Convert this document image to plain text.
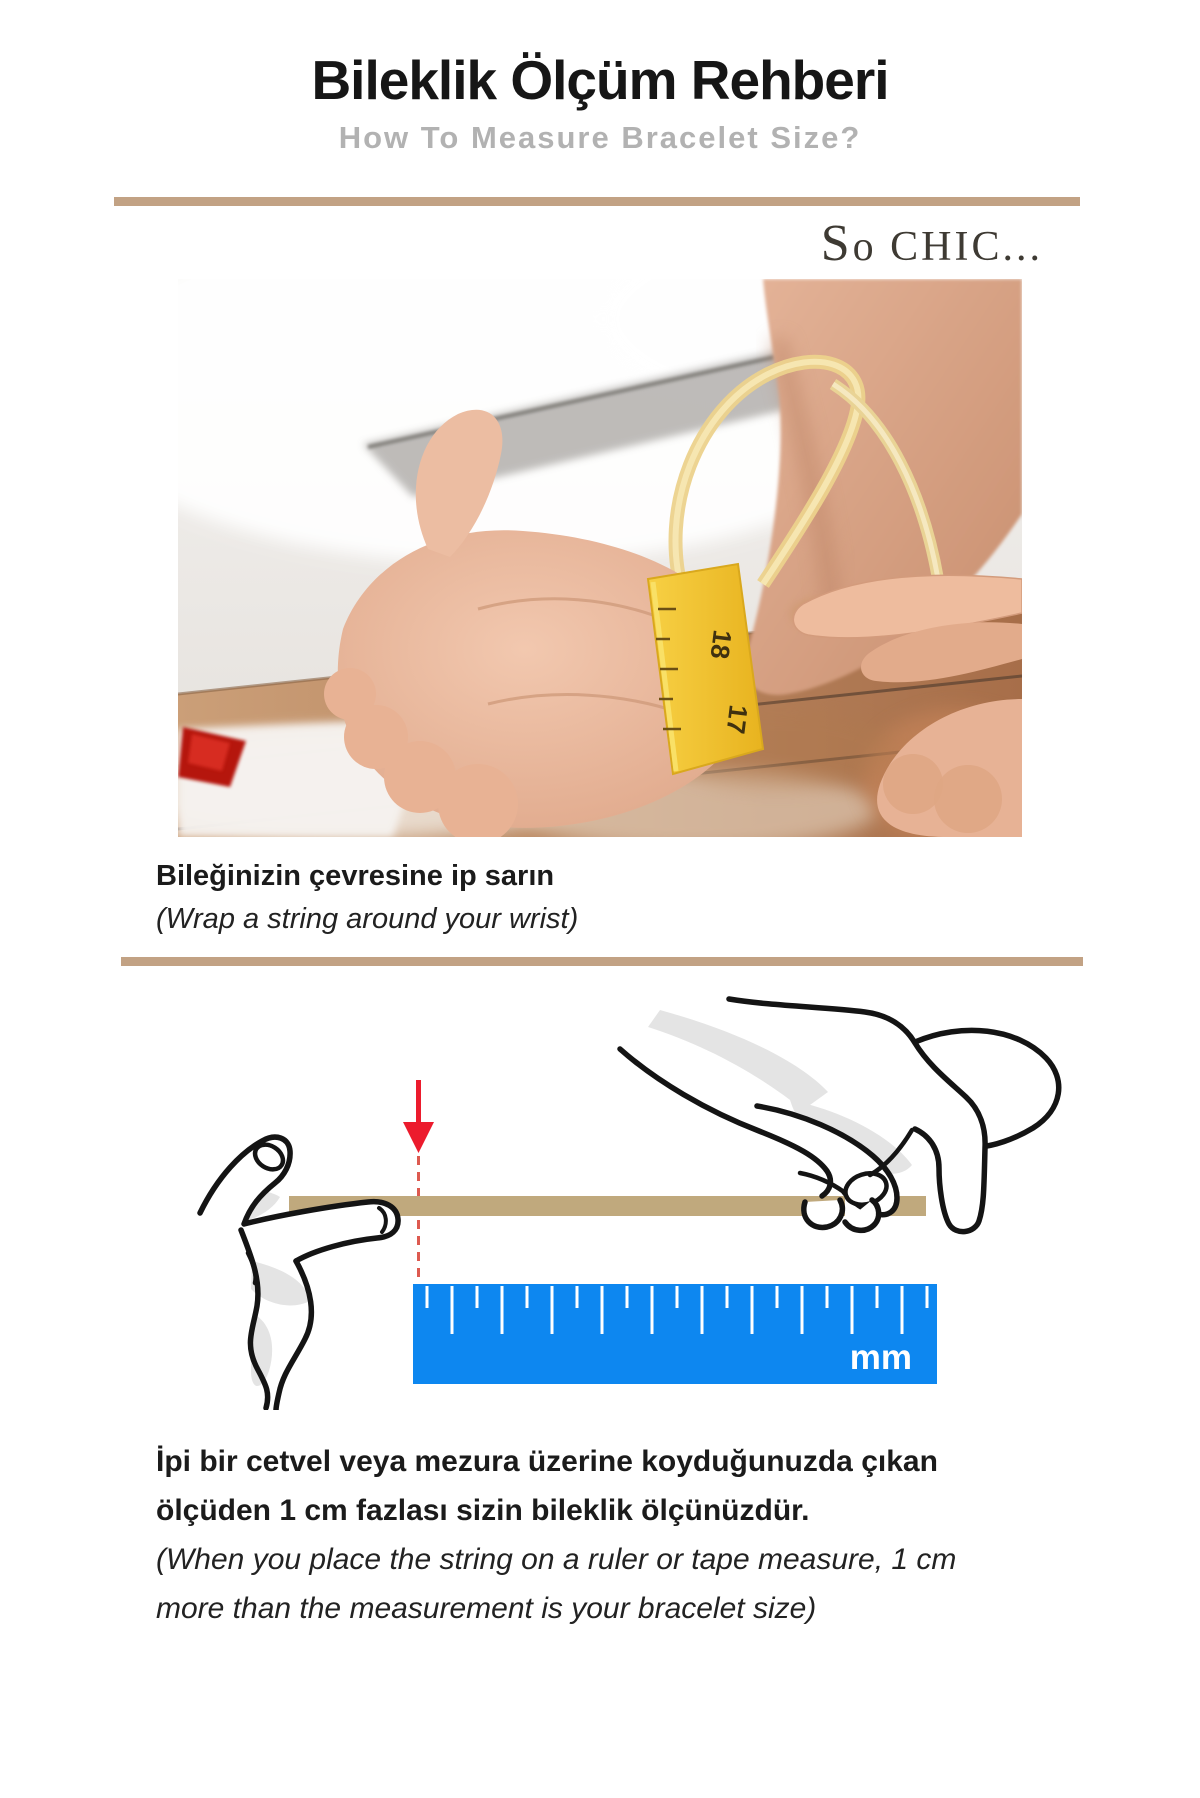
Bileklik Ölçüm Rehberi
How To Measure Bracelet Size?
So CHIC...
18
17
Bileğinizin çevresine ip sarın
(Wrap a string around your wrist)
mm
İpi bir cetvel veya mezura üzerine koyduğunuzda çıkan
ölçüden 1 cm fazlası sizin bileklik ölçünüzdür.
(When you place the string on a ruler or tape measure, 1 cm
more than the measurement is your bracelet size)
